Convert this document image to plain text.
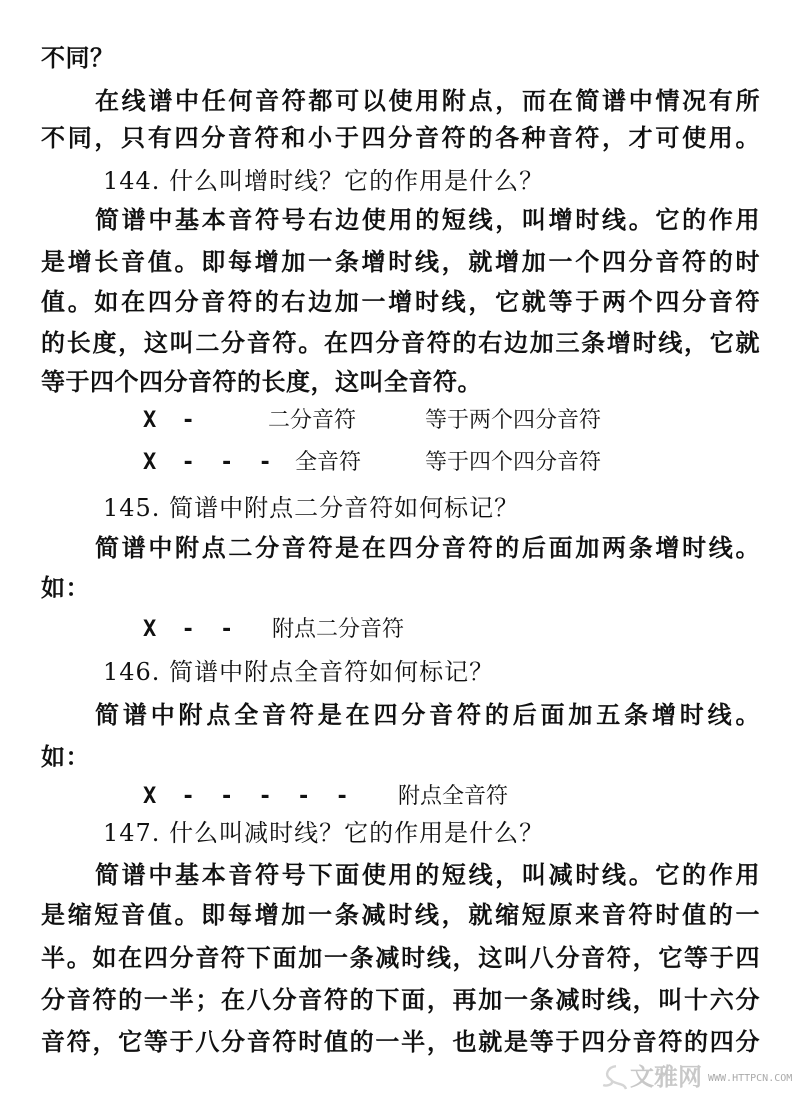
不同？
在线谱中任何音符都可以使用附点，而在简谱中情况有所
不同，只有四分音符和小于四分音符的各种音符，才可使用。
144. 什么叫增时线？它的作用是什么？
简谱中基本音符号右边使用的短线，叫增时线。它的作用
是增长音值。即每增加一条增时线，就增加一个四分音符的时
值。如在四分音符的右边加一增时线，它就等于两个四分音符
的长度，这叫二分音符。在四分音符的右边加三条增时线，它就
等于四个四分音符的长度，这叫全音符。
X -	二分音符	等于两个四分音符
X - - - 全音符	等于四个四分音符
145. 简谱中附点二分音符如何标记？
简谱中附点二分音符是在四分音符的后面加两条增时线。
如：
X - - 附点二分音符
146. 简谱中附点全音符如何标记？
简谱中附点全音符是在四分音符的后面加五条增时线。
如：
X - - - - - 附点全音符
147. 什么叫减时线？它的作用是什么？
简谱中基本音符号下面使用的短线，叫减时线。它的作用
是缩短音值。即每增加一条减时线，就缩短原来音符时值的一
半。如在四分音符下面加一条减时线，这叫八分音符，它等于四
分音符的一半；在八分音符的下面，再加一条减时线，叫十六分
音符，它等于八分音符时值的一半，也就是等于四分音符的四分
文雅网 WWW.HTTPCN.COM
